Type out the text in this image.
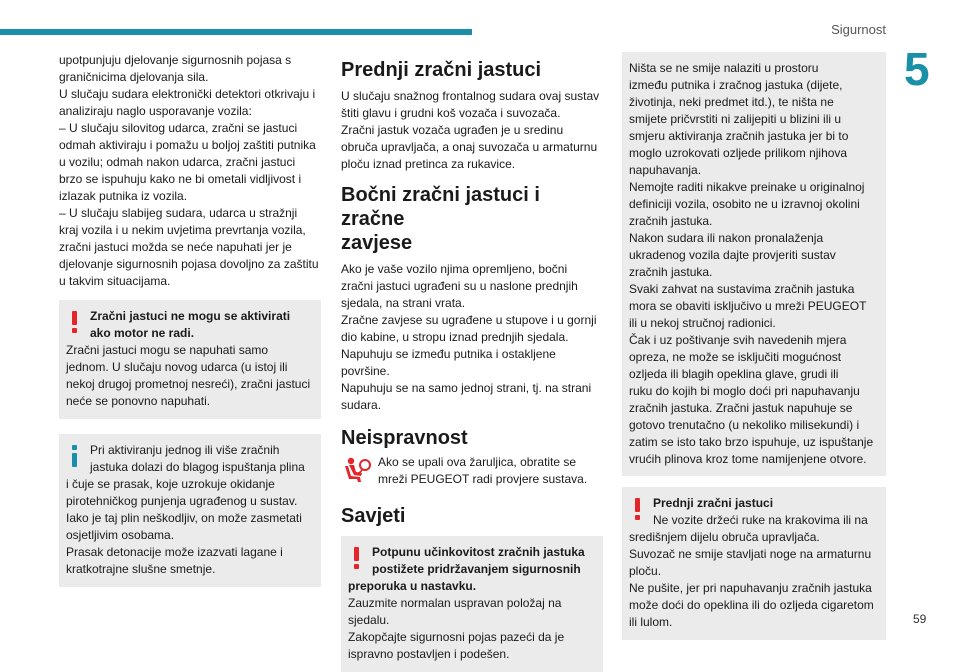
Sigurnost
5
59

upotpunjuju djelovanje sigurnosnih pojasa s

graničnicima djelovanja sila.

U slučaju sudara elektronički detektori otkrivaju i

analiziraju naglo usporavanje vozila:

– U slučaju silovitog udarca, zračni se jastuci

odmah aktiviraju i pomažu u boljoj zaštiti putnika

u vozilu; odmah nakon udarca, zračni jastuci

brzo se ispuhuju kako ne bi ometali vidljivost i

izlazak putnika iz vozila.

– U slučaju slabijeg sudara, udarca u stražnji

kraj vozila i u nekim uvjetima prevrtanja vozila,

zračni jastuci možda se neće napuhati jer je

djelovanje sigurnosnih pojasa dovoljno za zaštitu

u takvim situacijama.

Zračni jastuci ne mogu se aktivirati

ako motor ne radi.

Zračni jastuci mogu se napuhati samo

jednom. U slučaju novog udarca (u istoj ili

nekoj drugoj prometnoj nesreći), zračni jastuci

neće se ponovno napuhati.

Pri aktiviranju jednog ili više zračnih

jastuka dolazi do blagog ispuštanja plina

i čuje se prasak, koje uzrokuje okidanje

pirotehničkog punjenja ugrađenog u sustav.

Iako je taj plin neškodljiv, on može zasmetati

osjetljivim osobama.

Prasak detonacije može izazvati lagane i

kratkotrajne slušne smetnje.

Prednji zračni jastuci

U slučaju snažnog frontalnog sudara ovaj sustav

štiti glavu i grudni koš vozača i suvozača.

Zračni jastuk vozača ugrađen je u sredinu

obruča upravljača, a onaj suvozača u armaturnu

ploču iznad pretinca za rukavice.

Bočni zračni jastuci i zračne
zavjese

Ako je vaše vozilo njima opremljeno, bočni

zračni jastuci ugrađeni su u naslone prednjih

sjedala, na strani vrata.

Zračne zavjese su ugrađene u stupove i u gornji

dio kabine, u stropu iznad prednjih sjedala.

Napuhuju se između putnika i ostakljene

površine.

Napuhuju se na samo jednoj strani, tj. na strani

sudara.

Neispravnost

Ako se upali ova žaruljica, obratite se

mreži PEUGEOT radi provjere sustava.

Savjeti

Potpunu učinkovitost zračnih jastuka

postižete pridržavanjem sigurnosnih

preporuka u nastavku.

Zauzmite normalan uspravan položaj na

sjedalu.

Zakopčajte sigurnosni pojas pazeći da je

ispravno postavljen i podešen.

Ništa se ne smije nalaziti u prostoru

između putnika i zračnog jastuka (dijete,

životinja, neki predmet itd.), te ništa ne

smijete pričvrstiti ni zalijepiti u blizini ili u

smjeru aktiviranja zračnih jastuka jer bi to

moglo uzrokovati ozljede prilikom njihova

napuhavanja.

Nemojte raditi nikakve preinake u originalnoj

definiciji vozila, osobito ne u izravnoj okolini

zračnih jastuka.

Nakon sudara ili nakon pronalaženja

ukradenog vozila dajte provjeriti sustav

zračnih jastuka.

Svaki zahvat na sustavima zračnih jastuka

mora se obaviti isključivo u mreži PEUGEOT

ili u nekoj stručnoj radionici.

Čak i uz poštivanje svih navedenih mjera

opreza, ne može se isključiti mogućnost

ozljeda ili blagih opeklina glave, grudi ili

ruku do kojih bi moglo doći pri napuhavanju

zračnih jastuka. Zračni jastuk napuhuje se

gotovo trenutačno (u nekoliko milisekundi) i

zatim se isto tako brzo ispuhuje, uz ispuštanje

vrućih plinova kroz tome namijenjene otvore.

Prednji zračni jastuci

Ne vozite držeći ruke na krakovima ili na

središnjem dijelu obruča upravljača.

Suvozač ne smije stavljati noge na armaturnu

ploču.

Ne pušite, jer pri napuhavanju zračnih jastuka

može doći do opeklina ili do ozljeda cigaretom

ili lulom.
